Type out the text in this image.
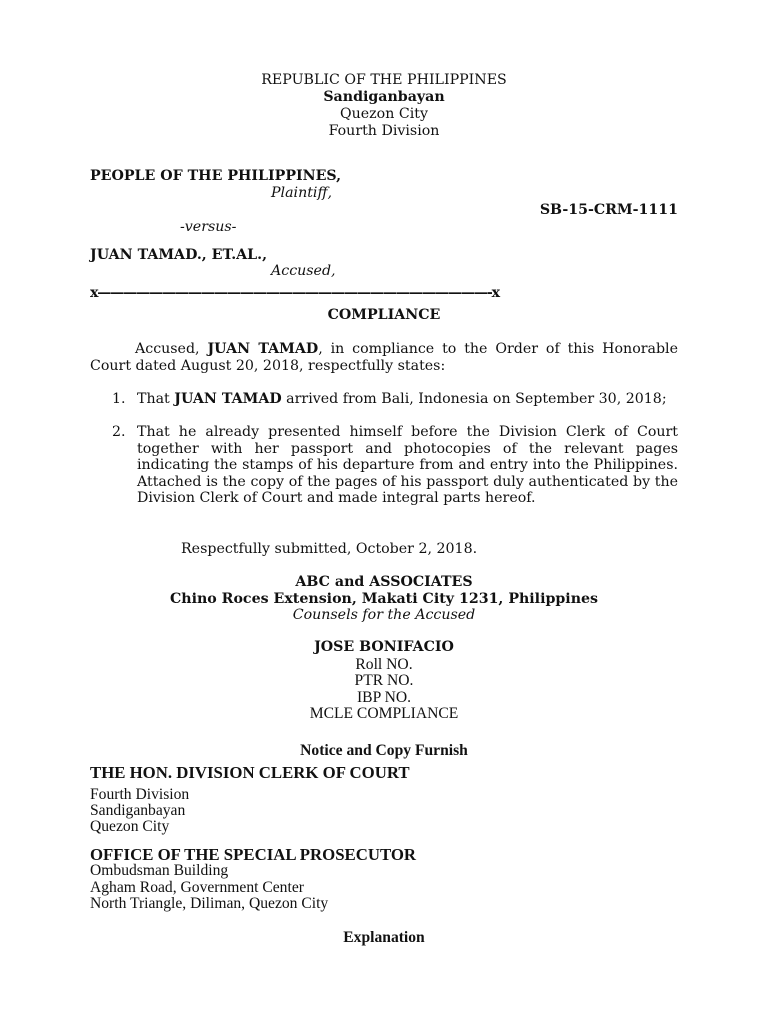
REPUBLIC OF THE PHILIPPINES
Sandiganbayan
Quezon City
Fourth Division
PEOPLE OF THE PHILIPPINES,
Plaintiff,
SB-15-CRM-1111
-versus-
JUAN TAMAD., ET.AL.,
Accused,
x——————————————————————————————-x
COMPLIANCE
Accused, JUAN TAMAD, in compliance to the Order of this Honorable Court dated August 20, 2018, respectfully states:
1. That JUAN TAMAD arrived from Bali, Indonesia on September 30, 2018;
2. That he already presented himself before the Division Clerk of Court together with her passport and photocopies of the relevant pages indicating the stamps of his departure from and entry into the Philippines. Attached is the copy of the pages of his passport duly authenticated by the Division Clerk of Court and made integral parts hereof.
Respectfully submitted, October 2, 2018.
ABC and ASSOCIATES
Chino Roces Extension, Makati City 1231, Philippines
Counsels for the Accused
JOSE BONIFACIO
Roll NO.
PTR NO.
IBP NO.
MCLE COMPLIANCE
Notice and Copy Furnish
THE HON. DIVISION CLERK OF COURT
Fourth Division
Sandiganbayan
Quezon City
OFFICE OF THE SPECIAL PROSECUTOR
Ombudsman Building
Agham Road, Government Center
North Triangle, Diliman, Quezon City
Explanation
